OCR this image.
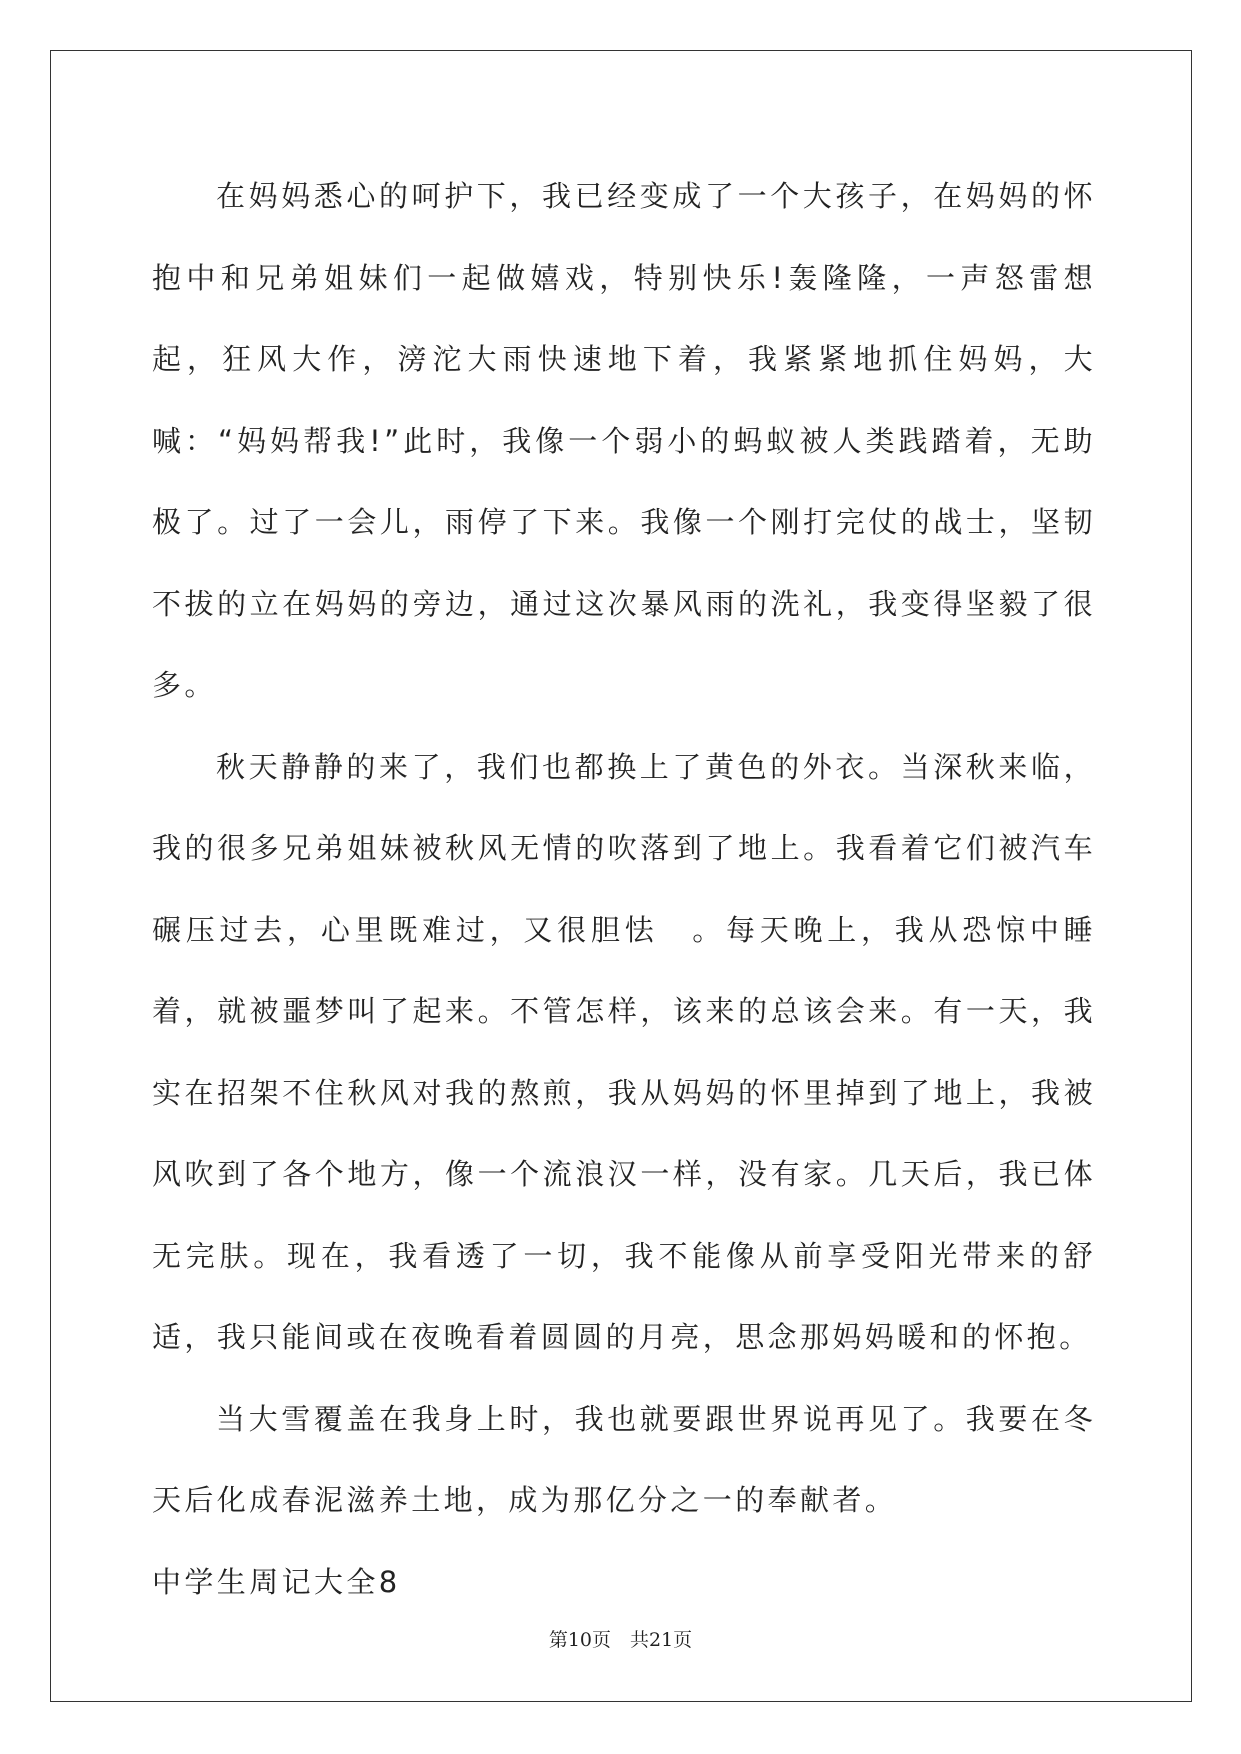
在妈妈悉心的呵护下，我已经变成了一个大孩子，在妈妈的怀抱中和兄弟姐妹们一起做嬉戏，特别快乐!轰隆隆，一声怒雷想起，狂风大作，滂沱大雨快速地下着，我紧紧地抓住妈妈，大喊：“妈妈帮我!”此时，我像一个弱小的蚂蚁被人类践踏着，无助极了。过了一会儿，雨停了下来。我像一个刚打完仗的战士，坚韧不拔的立在妈妈的旁边，通过这次暴风雨的洗礼，我变得坚毅了很多。

秋天静静的来了，我们也都换上了黄色的外衣。当深秋来临，我的很多兄弟姐妹被秋风无情的吹落到了地上。我看着它们被汽车碾压过去，心里既难过，又很胆怯　。每天晚上，我从恐惊中睡着，就被噩梦叫了起来。不管怎样，该来的总该会来。有一天，我实在招架不住秋风对我的熬煎，我从妈妈的怀里掉到了地上，我被风吹到了各个地方，像一个流浪汉一样，没有家。几天后，我已体无完肤。现在，我看透了一切，我不能像从前享受阳光带来的舒适，我只能间或在夜晚看着圆圆的月亮，思念那妈妈暖和的怀抱。

当大雪覆盖在我身上时，我也就要跟世界说再见了。我要在冬天后化成春泥滋养土地，成为那亿分之一的奉献者。

中学生周记大全8

第10页　共21页
